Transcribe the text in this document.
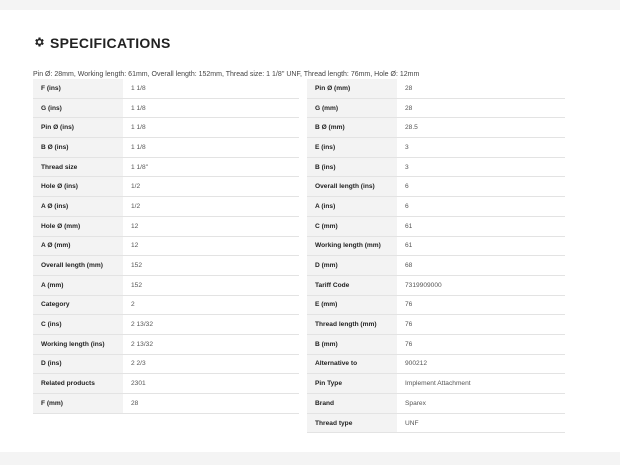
SPECIFICATIONS
Pin Ø: 28mm, Working length: 61mm, Overall length: 152mm, Thread size: 1 1/8'' UNF, Thread length: 76mm, Hole Ø: 12mm
F (ins)	1 1/8
G (ins)	1 1/8
Pin Ø (ins)	1 1/8
B Ø (ins)	1 1/8
Thread size	1 1/8''
Hole Ø (ins)	1/2
A Ø (ins)	1/2
Hole Ø (mm)	12
A Ø (mm)	12
Overall length (mm)	152
A (mm)	152
Category	2
C (ins)	2 13/32
Working length (ins)	2 13/32
D (ins)	2 2/3
Related products	2301
F (mm)	28
Pin Ø (mm)	28
G (mm)	28
B Ø (mm)	28.5
E (ins)	3
B (ins)	3
Overall length (ins)	6
A (ins)	6
C (mm)	61
Working length (mm)	61
D (mm)	68
Tariff Code	7319909000
E (mm)	76
Thread length (mm)	76
B (mm)	76
Alternative to	900212
Pin Type	Implement Attachment
Brand	Sparex
Thread type	UNF
